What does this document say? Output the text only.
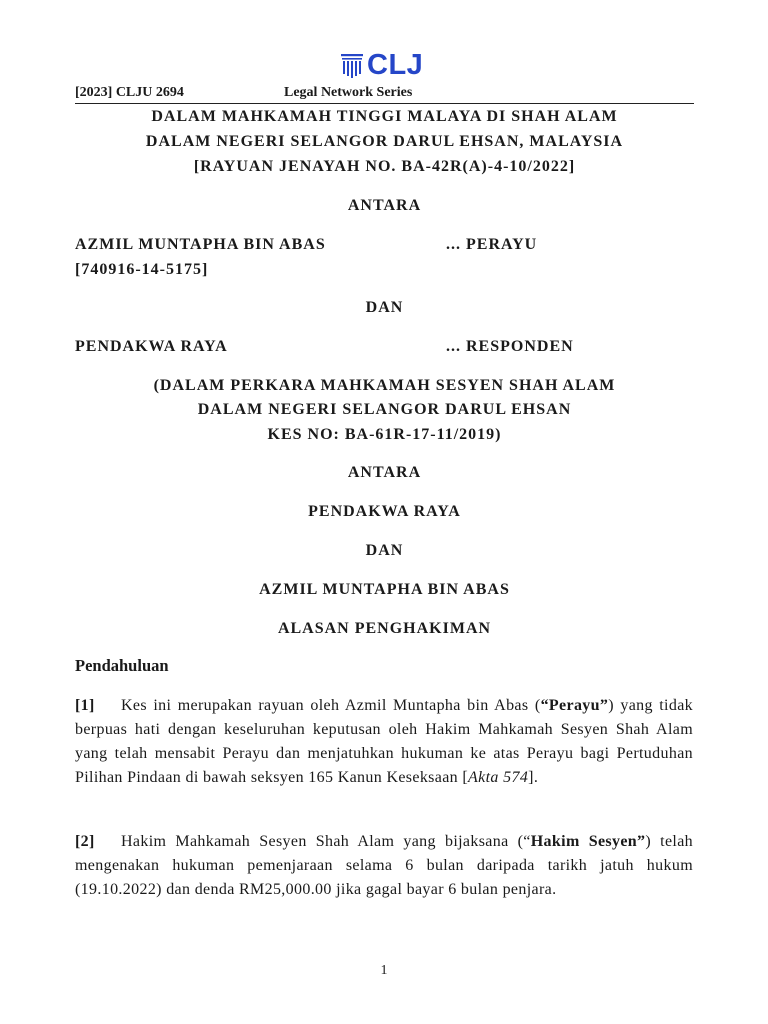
CLJ
[2023] CLJU 2694	Legal Network Series
DALAM MAHKAMAH TINGGI MALAYA DI SHAH ALAM
DALAM NEGERI SELANGOR DARUL EHSAN, MALAYSIA
[RAYUAN JENAYAH NO. BA-42R(A)-4-10/2022]
ANTARA
AZMIL MUNTAPHA BIN ABAS	... PERAYU
[740916-14-5175]
DAN
PENDAKWA RAYA	... RESPONDEN
(DALAM PERKARA MAHKAMAH SESYEN SHAH ALAM
DALAM NEGERI SELANGOR DARUL EHSAN
KES NO: BA-61R-17-11/2019)
ANTARA
PENDAKWA RAYA
DAN
AZMIL MUNTAPHA BIN ABAS
ALASAN PENGHAKIMAN
Pendahuluan
[1] Kes ini merupakan rayuan oleh Azmil Muntapha bin Abas (“Perayu”) yang tidak berpuas hati dengan keseluruhan keputusan oleh Hakim Mahkamah Sesyen Shah Alam yang telah mensabit Perayu dan menjatuhkan hukuman ke atas Perayu bagi Pertuduhan Pilihan Pindaan di bawah seksyen 165 Kanun Keseksaan [Akta 574].
[2] Hakim Mahkamah Sesyen Shah Alam yang bijaksana (“Hakim Sesyen”) telah mengenakan hukuman pemenjaraan selama 6 bulan daripada tarikh jatuh hukum (19.10.2022) dan denda RM25,000.00 jika gagal bayar 6 bulan penjara.
1
